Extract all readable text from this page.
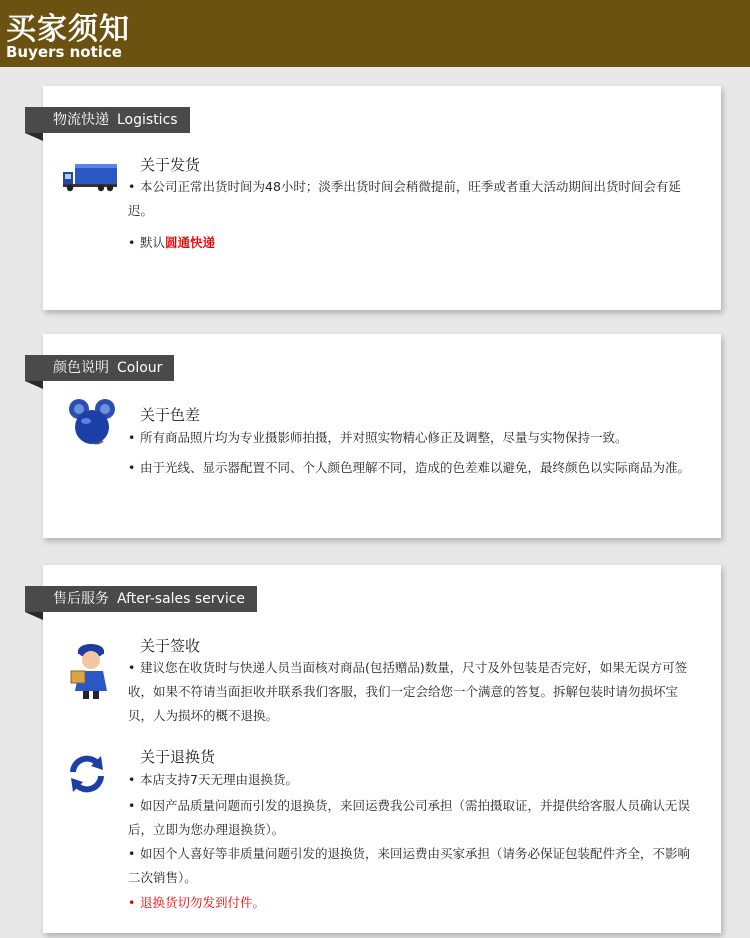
买家须知
Buyers notice
物流快递 Logistics
关于发货
• 本公司正常出货时间为48小时；淡季出货时间会稍微提前，旺季或者重大活动期间出货时间会有延迟。
• 默认圆通快递
颜色说明 Colour
关于色差
• 所有商品照片均为专业摄影师拍摄，并对照实物精心修正及调整，尽量与实物保持一致。
• 由于光线、显示器配置不同、个人颜色理解不同，造成的色差难以避免，最终颜色以实际商品为准。
售后服务 After-sales service
关于签收
• 建议您在收货时与快递人员当面核对商品(包括赠品)数量，尺寸及外包装是否完好，如果无误方可签收，如果不符请当面拒收并联系我们客服，我们一定会给您一个满意的答复。拆解包装时请勿损坏宝贝，人为损坏的概不退换。
关于退换货
• 本店支持7天无理由退换货。
• 如因产品质量问题而引发的退换货，来回运费我公司承担（需拍摄取证，并提供给客服人员确认无误后，立即为您办理退换货）。
• 如因个人喜好等非质量问题引发的退换货，来回运费由买家承担（请务必保证包装配件齐全，不影响二次销售）。
• 退换货切勿发到付件。
